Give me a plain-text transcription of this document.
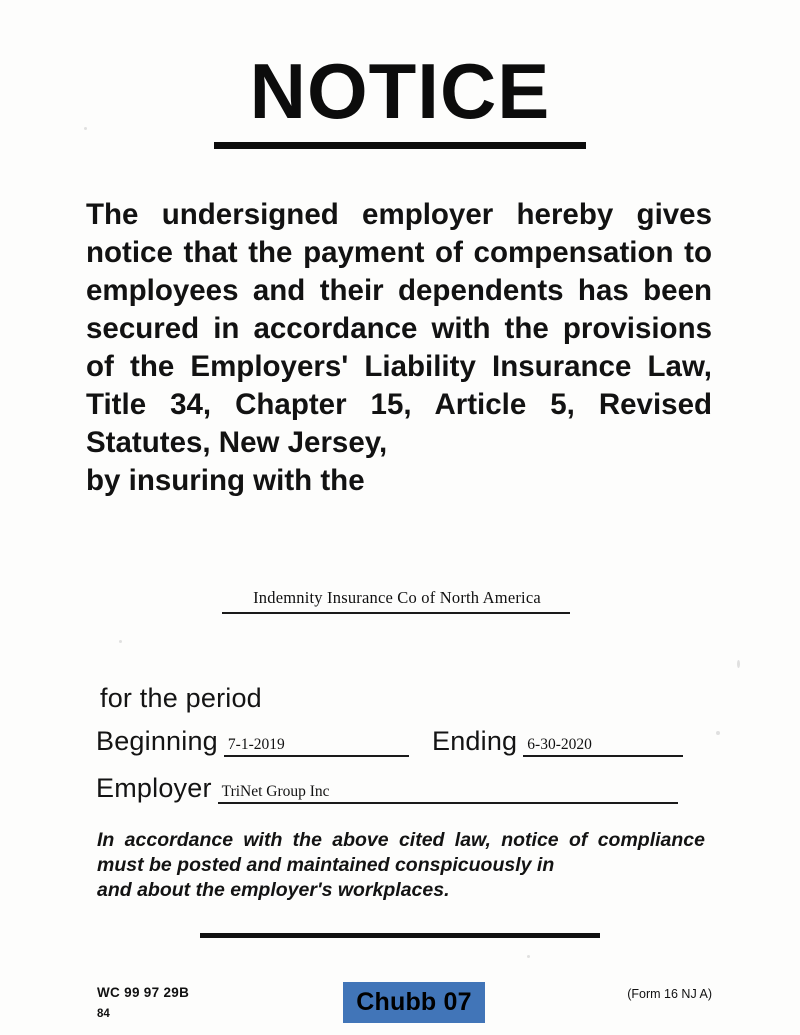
NOTICE
The undersigned employer hereby gives notice that the payment of compensation to employees and their dependents has been secured in accordance with the provisions of the Employers' Liability Insurance Law, Title 34, Chapter 15, Article 5, Revised Statutes, New Jersey,
by insuring with the
Indemnity Insurance Co of North America
for the period
Beginning 7-1-2019	Ending 6-30-2020
Employer TriNet Group Inc
In accordance with the above cited law, notice of compliance must be posted and maintained conspicuously in
and about the employer's workplaces.
WC 99 97 29B
84
(Form 16 NJ A)
Chubb 07
